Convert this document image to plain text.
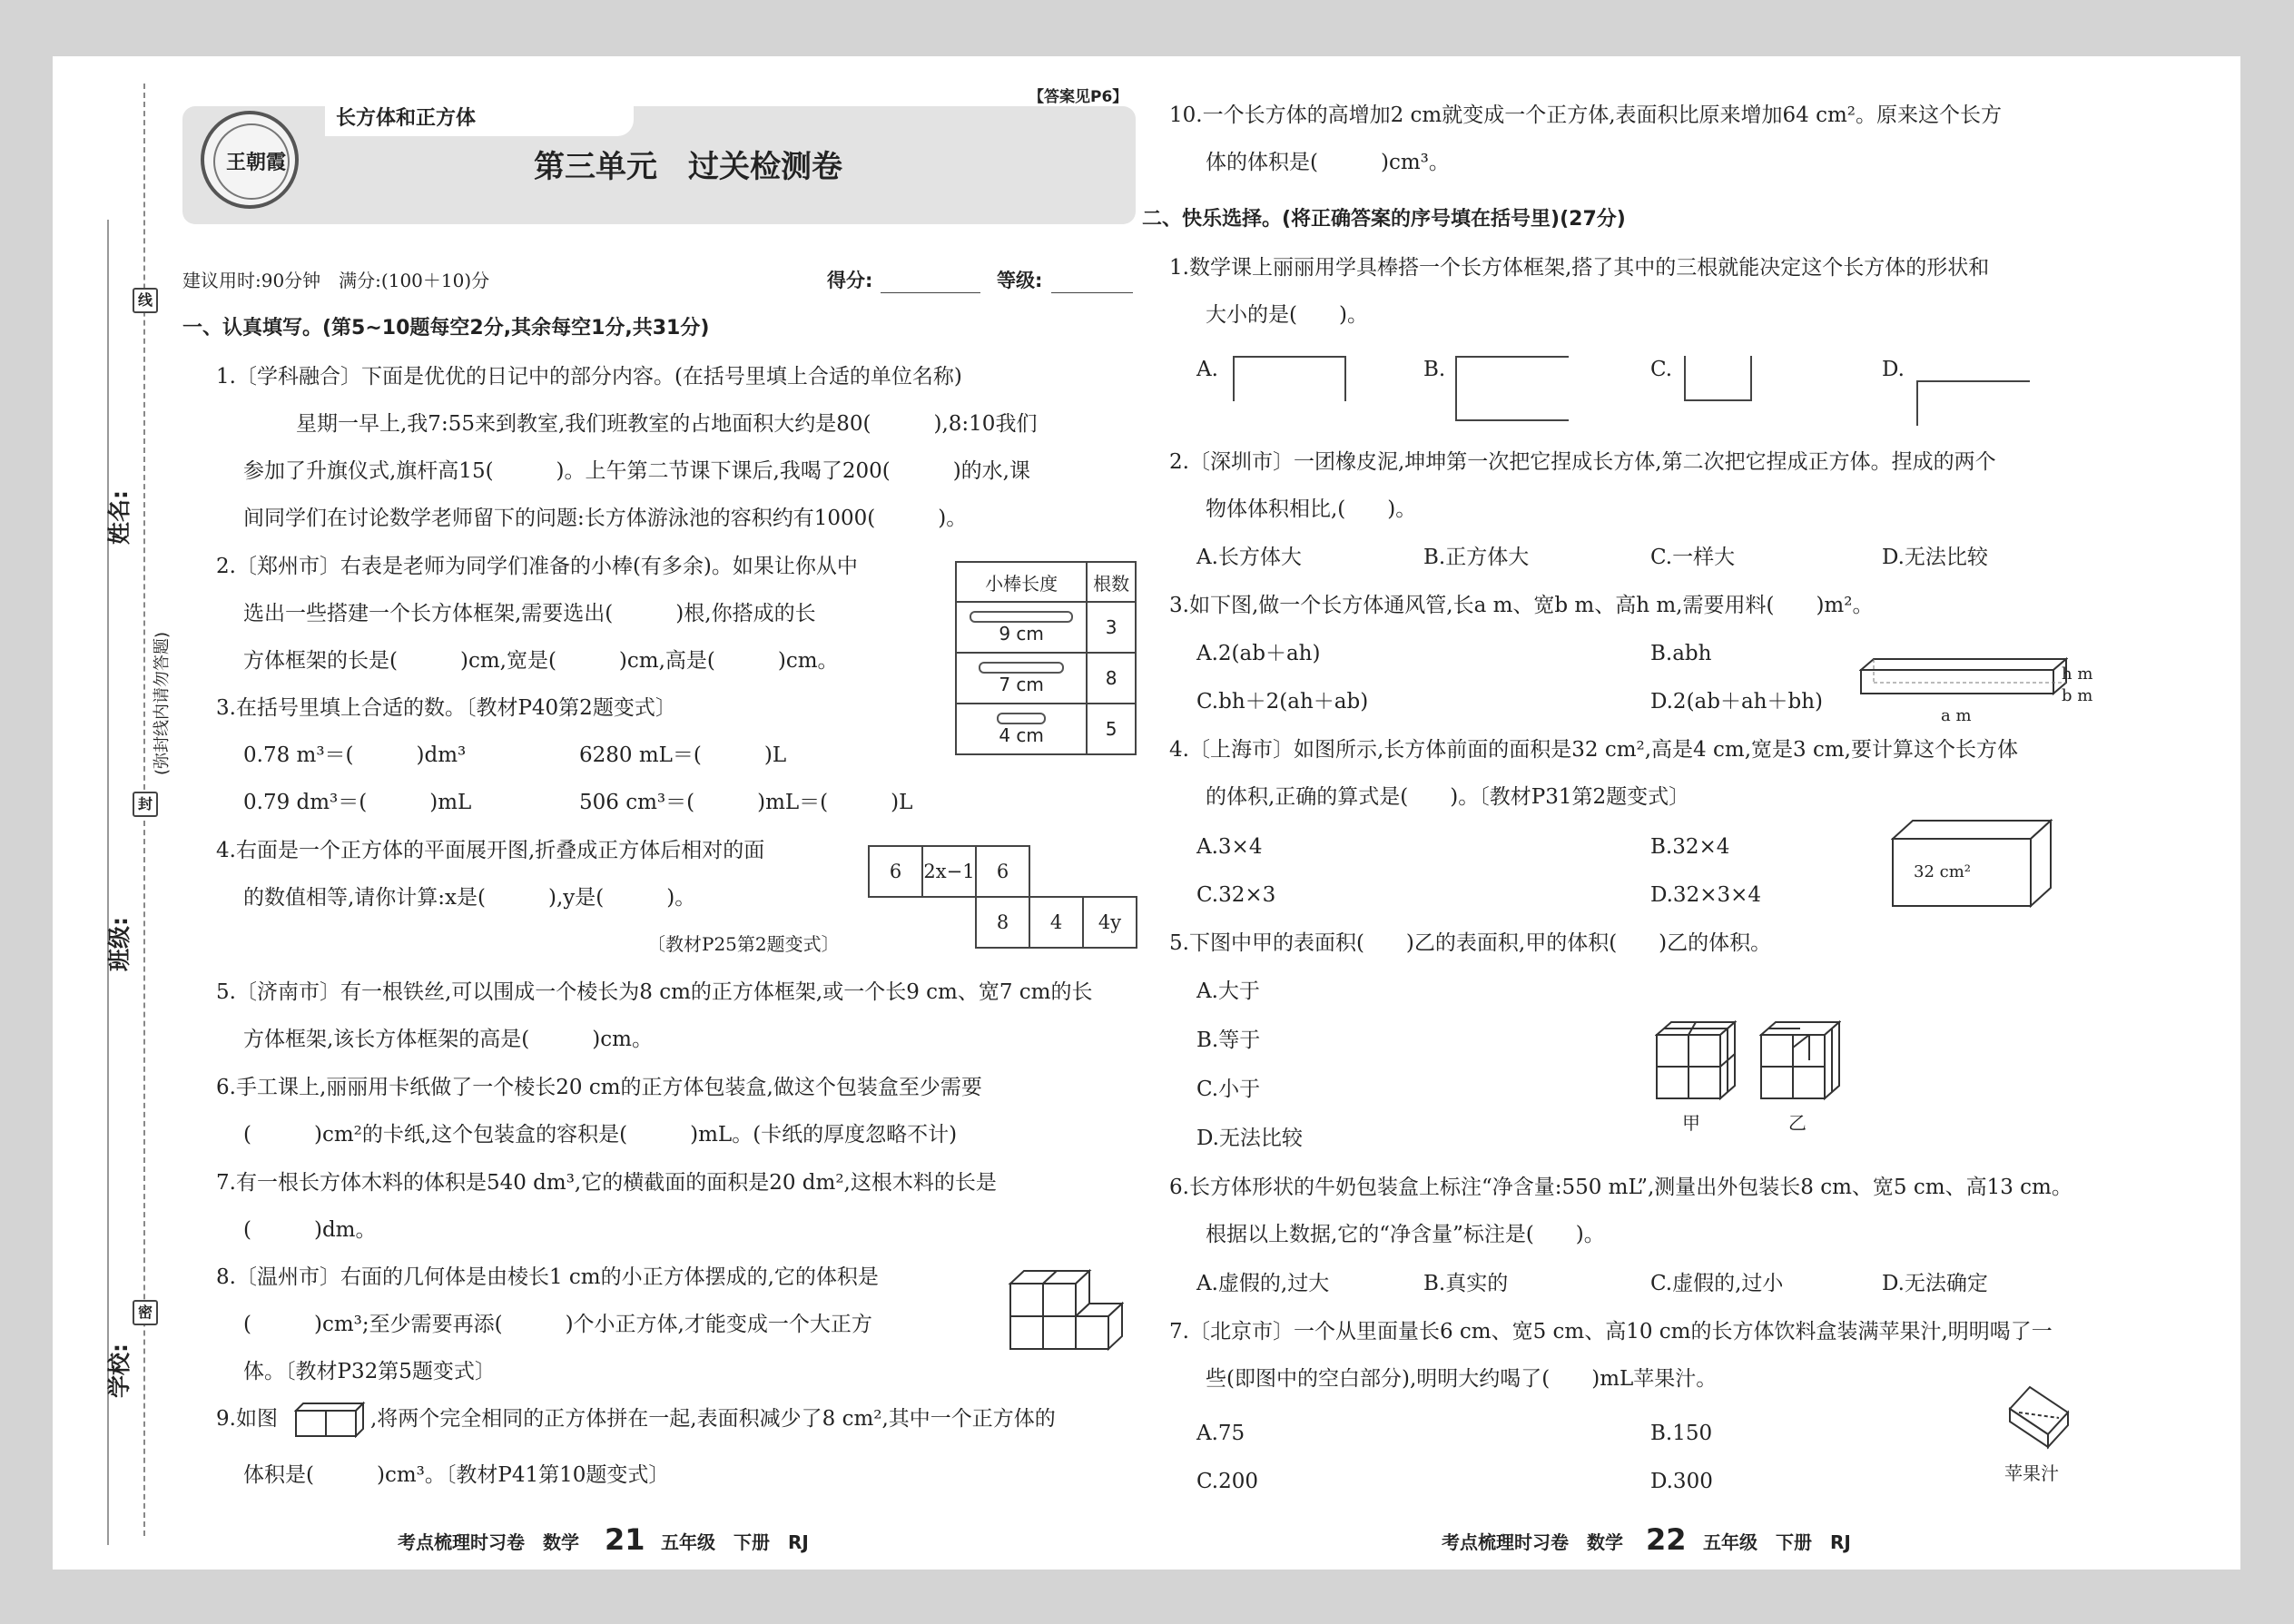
线
封
密
姓名:
班级:
学校:
(弥封线内请勿答题)
长方体和正方体
【答案见P6】
王朝霞	第三单元　过关检测卷
建议用时:90分钟　满分:(100＋10)分	得分:	等级:
一、认真填写。(第5~10题每空2分,其余每空1分,共31分)
1.〔学科融合〕下面是优优的日记中的部分内容。(在括号里填上合适的单位名称)
星期一早上,我7:55来到教室,我们班教室的占地面积大约是80(　　　),8:10我们
参加了升旗仪式,旗杆高15(　　　)。上午第二节课下课后,我喝了200(　　　)的水,课
间同学们在讨论数学老师留下的问题:长方体游泳池的容积约有1000(　　　)。
2.〔郑州市〕右表是老师为同学们准备的小棒(有多余)。如果让你从中
选出一些搭建一个长方体框架,需要选出(　　　)根,你搭成的长
方体框架的长是(　　　)cm,宽是(　　　)cm,高是(　　　)cm。
小棒长度	根数

9 cm	3

7 cm	8

4 cm	5
3.在括号里填上合适的数。〔教材P40第2题变式〕
0.78 m³＝(　　　)dm³	6280 mL＝(　　　)L
0.79 dm³＝(　　　)mL	506 cm³＝(　　　)mL＝(　　　)L
4.右面是一个正方体的平面展开图,折叠成正方体后相对的面
的数值相等,请你计算:x是(　　　),y是(　　　)。
〔教材P25第2题变式〕
6	2x−1	6
8	4	4y
5.〔济南市〕有一根铁丝,可以围成一个棱长为8 cm的正方体框架,或一个长9 cm、宽7 cm的长
方体框架,该长方体框架的高是(　　　)cm。
6.手工课上,丽丽用卡纸做了一个棱长20 cm的正方体包装盒,做这个包装盒至少需要
(　　　)cm²的卡纸,这个包装盒的容积是(　　　)mL。(卡纸的厚度忽略不计)
7.有一根长方体木料的体积是540 dm³,它的横截面的面积是20 dm²,这根木料的长是
(　　　)dm。
8.〔温州市〕右面的几何体是由棱长1 cm的小正方体摆成的,它的体积是
(　　　)cm³;至少需要再添(　　　)个小正方体,才能变成一个大正方
体。〔教材P32第5题变式〕
9.如图	,将两个完全相同的正方体拼在一起,表面积减少了8 cm²,其中一个正方体的
体积是(　　　)cm³。〔教材P41第10题变式〕
考点梳理时习卷　数学 21 五年级　下册　RJ
10.一个长方体的高增加2 cm就变成一个正方体,表面积比原来增加64 cm²。原来这个长方
体的体积是(　　　)cm³。
二、快乐选择。(将正确答案的序号填在括号里)(27分)
1.数学课上丽丽用学具棒搭一个长方体框架,搭了其中的三根就能决定这个长方体的形状和
大小的是(　　)。
A.	B.	C.	D.
2.〔深圳市〕一团橡皮泥,坤坤第一次把它捏成长方体,第二次把它捏成正方体。捏成的两个
物体体积相比,(　　)。
A.长方体大	B.正方体大	C.一样大	D.无法比较
3.如下图,做一个长方体通风管,长a m、宽b m、高h m,需要用料(　　)m²。
A.2(ab＋ah)	B.abh
C.bh＋2(ah＋ab)	D.2(ab＋ah＋bh)
h m
b m
a m
4.〔上海市〕如图所示,长方体前面的面积是32 cm²,高是4 cm,宽是3 cm,要计算这个长方体
的体积,正确的算式是(　　)。〔教材P31第2题变式〕
A.3×4	B.32×4
C.32×3	D.32×3×4
32 cm²
5.下图中甲的表面积(　　)乙的表面积,甲的体积(　　)乙的体积。
A.大于
B.等于
C.小于
D.无法比较
甲	乙
6.长方体形状的牛奶包装盒上标注“净含量:550 mL”,测量出外包装长8 cm、宽5 cm、高13 cm。
根据以上数据,它的“净含量”标注是(　　)。
A.虚假的,过大	B.真实的	C.虚假的,过小	D.无法确定
7.〔北京市〕一个从里面量长6 cm、宽5 cm、高10 cm的长方体饮料盒装满苹果汁,明明喝了一
些(即图中的空白部分),明明大约喝了(　　)mL苹果汁。
A.75	B.150
C.200	D.300	苹果汁
考点梳理时习卷　数学 22 五年级　下册　RJ
